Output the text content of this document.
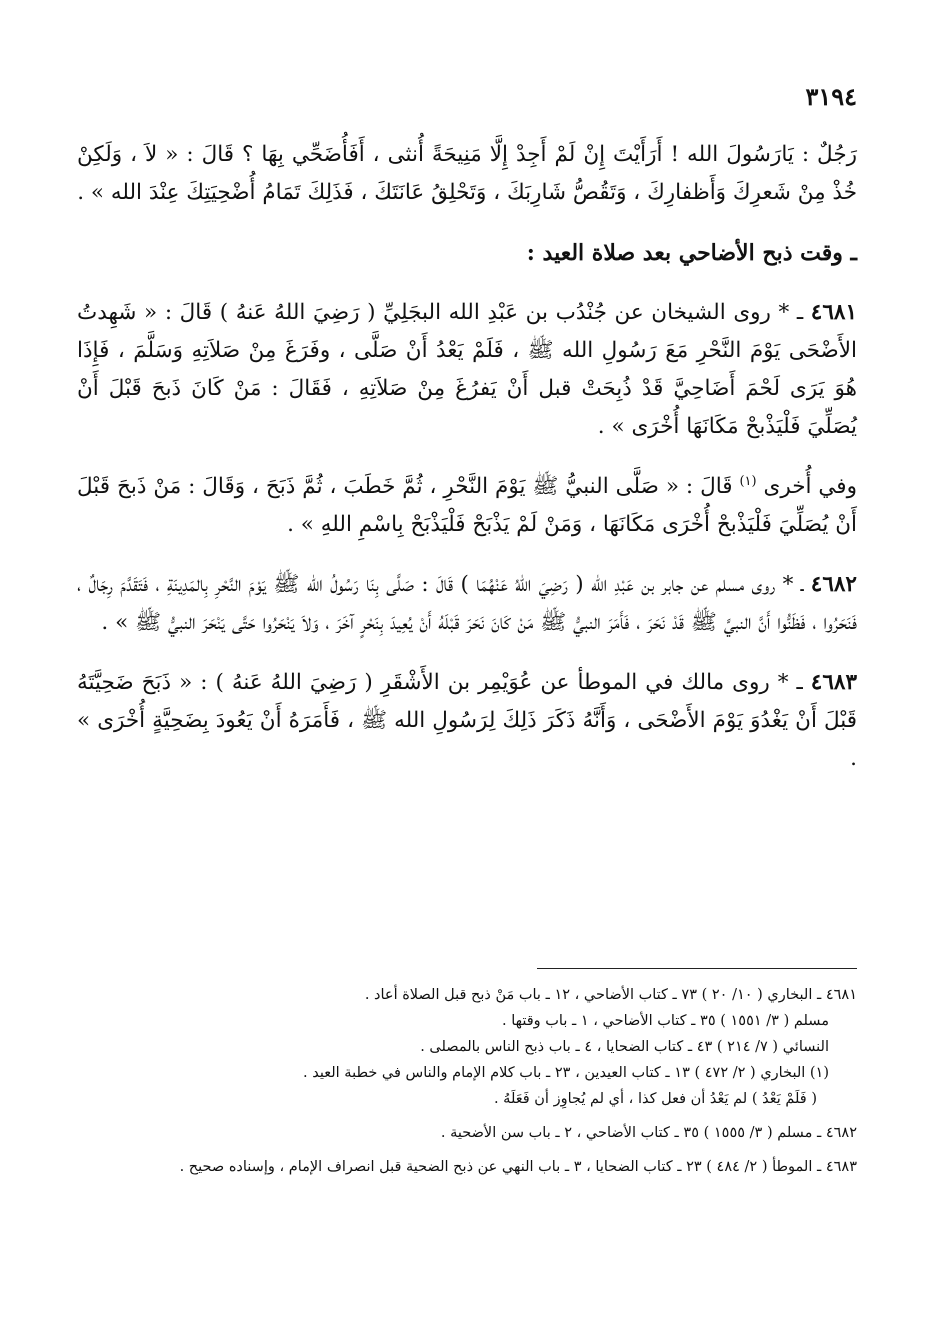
٣١٩٤

رَجُلٌ : يَارَسُولَ الله ! أَرَأَيْتَ إِنْ لَمْ أَجِدْ إِلَّا مَنِيحَةً أُنثى ، أَفَأُضَحِّي بِهَا ؟ قَالَ : « لاَ ، وَلَكِنْ خُذْ مِنْ شَعرِكَ وَأَظفارِكَ ، وَتَقُصُّ شَارِبَكَ ، وَتَحْلِقُ عَانَتَكَ ، فَذَلِكَ تَمَامُ أُضْحِيَتِكَ عِنْدَ الله » .

ـ وقت ذبح الأضاحي بعد صلاة العيد :

٤٦٨١ ـ * روى الشيخان عن جُنْدُب بن عَبْدِ الله البجَلِيِّ ( رَضِيَ اللهُ عَنهُ ) قَالَ : « شَهِدتُ الأَضْحَى يَوْمَ النَّحْرِ مَعَ رَسُولِ الله ﷺ ، فَلَمْ يَعْدُ أَنْ صَلَّى ، وفَرَغَ مِنْ صَلاَتِهِ وَسَلَّمَ ، فَإِذَا هُوَ يَرَى لَحْمَ أَضَاحِيَّ قَدْ ذُبِحَتْ قبل أَنْ يَفرُغَ مِنْ صَلاَتِهِ ، فَقَالَ : مَنْ كَانَ ذَبحَ قَبْلَ أَنْ يُصَلِّيَ فَلْيَذْبحْ مَكَانَهَا أُخْرَى » .

وفي أُخرى $^{(١)}$ قَالَ : « صَلَّى النبيُّ ﷺ يَوْمَ النَّحْرِ ، ثُمَّ خَطَبَ ، ثُمَّ ذَبَحَ ، وَقَالَ : مَنْ ذَبحَ قَبْلَ أَنْ يُصَلِّيَ فَلْيَذْبحْ أُخْرَى مَكَانَهَا ، وَمَنْ لَمْ يَذْبَحْ فَلْيَذْبَحْ بِاسْمِ اللهِ » .

٤٦٨٢ ـ * روى مسلم عن جابر بن عَبْدِ الله ( رَضِيَ اللهُ عَنْهُمَا ) قَالَ : صَلَّى بِنَا رَسُولُ الله ﷺ يَوْمَ النَّحْرِ بِالمَدِينَةِ ، فَتَقَدَّمَ رِجَالٌ ، فَنَحَرُوا ، فَظَنُّوا أَنَّ النبيَّ ﷺ قَدْ نَحَرَ ، فَأَمَرَ النبيُّ ﷺ مَنْ كَانَ نَحَرَ قَبْلَهُ أَنْ يُعِيدَ بِنَحْرٍ آخَرَ ، وَلاَ يَنْحَرُوا حَتَّى يَنْحَرَ النبيُّ ﷺ » .

٤٦٨٣ ـ * روى مالك في الموطأ عن عُوَيْمِر بن الأَشْقَرِ ( رَضِيَ اللهُ عَنهُ ) : « ذَبَحَ ضَحِيَّتَهُ قَبْلَ أَنْ يَغْدُوَ يَوْمَ الأَضْحَى ، وَأَنَّهُ ذَكَرَ ذَلِكَ لِرَسُولِ الله ﷺ ، فَأَمَرَهُ أَنْ يَعُودَ بِضَحِيَّةٍ أُخْرَى » .

٤٦٨١ ـ البخاري ( ١٠/ ٢٠ ) ٧٣ ـ كتاب الأضاحي ، ١٢ ـ باب مَنْ ذبح قبل الصلاة أعاد .

مسلم ( ٣/ ١٥٥١ ) ٣٥ ـ كتاب الأضاحي ، ١ ـ باب وقتها .

النسائي ( ٧/ ٢١٤ ) ٤٣ ـ كتاب الضحايا ، ٤ ـ باب ذبح الناس بالمصلى .

(١) البخاري ( ٢/ ٤٧٢ ) ١٣ ـ كتاب العيدين ، ٢٣ ـ باب كلام الإمام والناس في خطبة العيد .

( فَلَمْ يَعْدُ ) لم يَعْدُ أن فعل كذا ، أي لم يُجاوِز أن فَعَلَهُ .

٤٦٨٢ ـ مسلم ( ٣/ ١٥٥٥ ) ٣٥ ـ كتاب الأضاحي ، ٢ ـ باب سن الأضحية .

٤٦٨٣ ـ الموطأ ( ٢/ ٤٨٤ ) ٢٣ ـ كتاب الضحايا ، ٣ ـ باب النهي عن ذبح الضحية قبل انصراف الإمام ، وإسناده صحيح .
